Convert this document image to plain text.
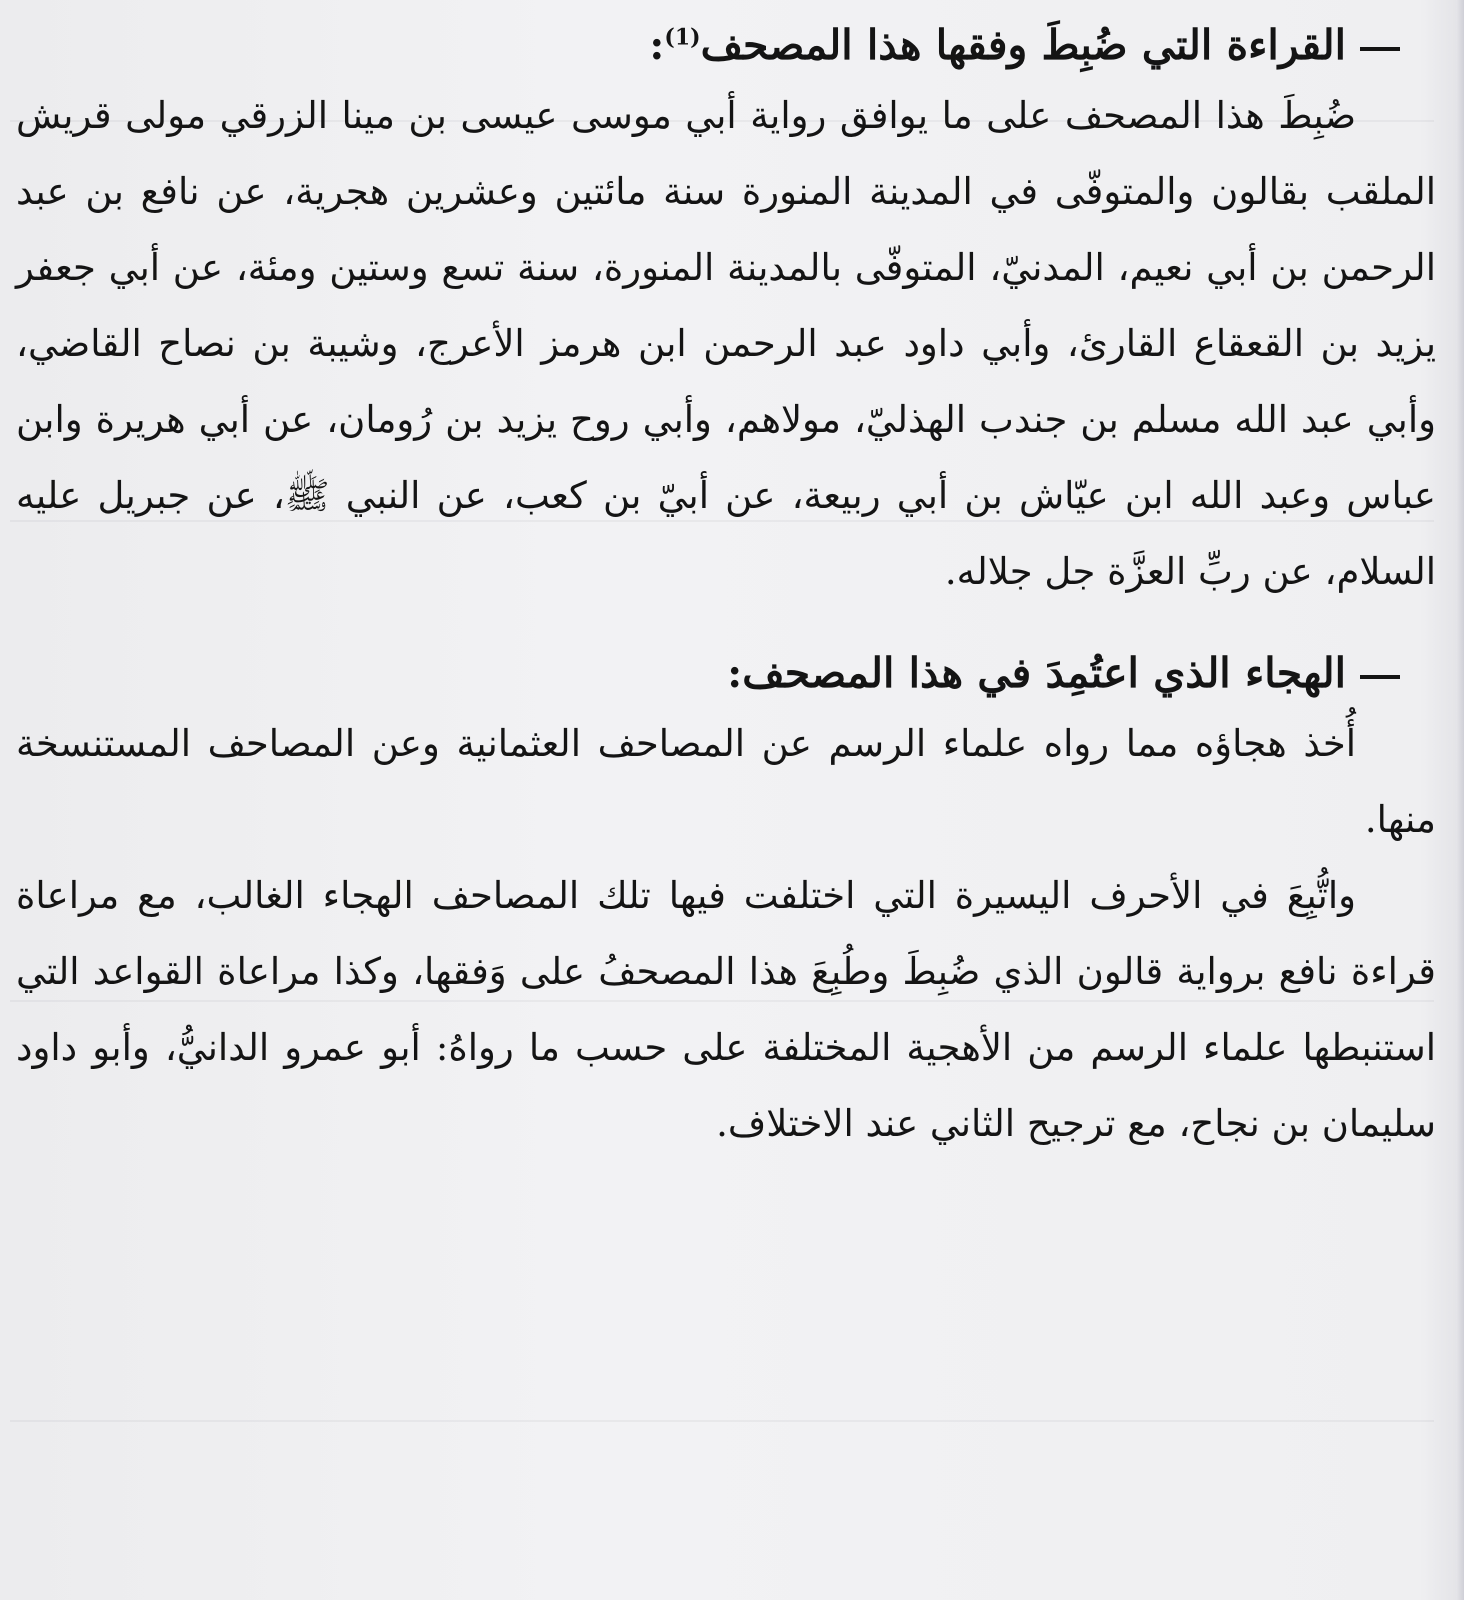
القراءة التي ضُبِطَ وفقها هذا المصحف$^{(1)}$:

ضُبِطَ هذا المصحف على ما يوافق رواية أبي موسى عيسى بن مينا الزرقي مولى قريش الملقب بقالون والمتوفّى في المدينة المنورة سنة مائتين وعشرين هجرية، عن نافع بن عبد الرحمن بن أبي نعيم، المدنيّ، المتوفّى بالمدينة المنورة، سنة تسع وستين ومئة، عن أبي جعفر يزيد بن القعقاع القارئ، وأبي داود عبد الرحمن ابن هرمز الأعرج، وشيبة بن نصاح القاضي، وأبي عبد الله مسلم بن جندب الهذليّ، مولاهم، وأبي روح يزيد بن رُومان، عن أبي هريرة وابن عباس وعبد الله ابن عيّاش بن أبي ربيعة، عن أبيّ بن كعب، عن النبي ﷺ، عن جبريل عليه السلام، عن ربِّ العزَّة جل جلاله.

الهجاء الذي اعتُمِدَ في هذا المصحف:

أُخذ هجاؤه مما رواه علماء الرسم عن المصاحف العثمانية وعن المصاحف المستنسخة منها.

واتُّبِعَ في الأحرف اليسيرة التي اختلفت فيها تلك المصاحف الهجاء الغالب، مع مراعاة قراءة نافع برواية قالون الذي ضُبِطَ وطُبِعَ هذا المصحفُ على وَفقها، وكذا مراعاة القواعد التي استنبطها علماء الرسم من الأهجية المختلفة على حسب ما رواهُ: أبو عمرو الدانيُّ، وأبو داود سليمان بن نجاح، مع ترجيح الثاني عند الاختلاف.
